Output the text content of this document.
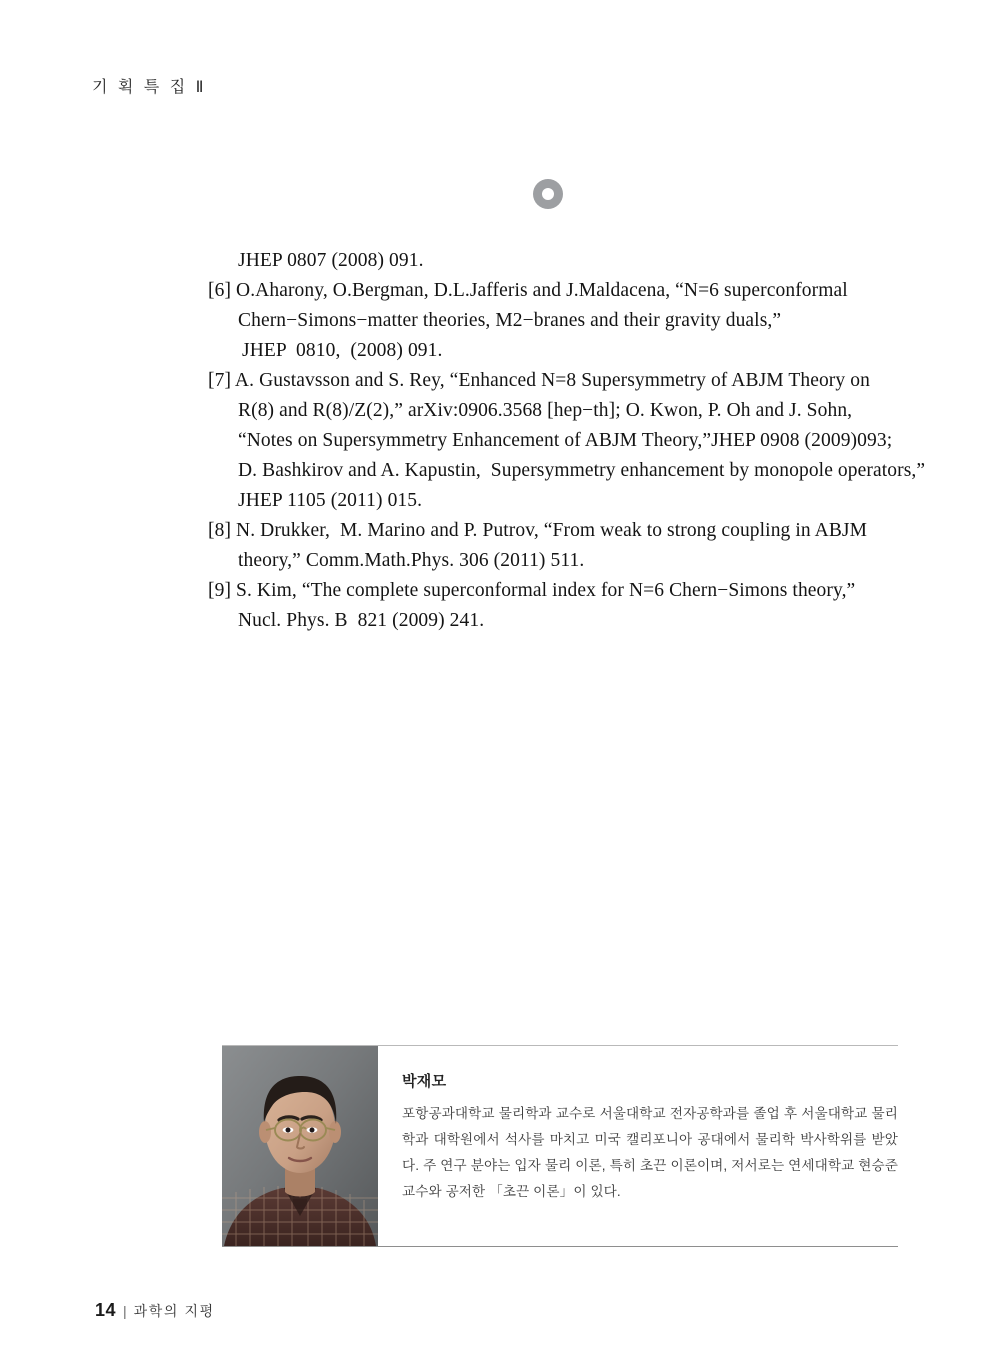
기 획 특 집 Ⅱ
JHEP 0807 (2008) 091.
[6] O.Aharony, O.Bergman, D.L.Jafferis and J.Maldacena, “N=6 superconformal
Chern−Simons−matter theories, M2−branes and their gravity duals,”
JHEP  0810,  (2008) 091.
[7] A. Gustavsson and S. Rey, “Enhanced N=8 Supersymmetry of ABJM Theory on
R(8) and R(8)/Z(2),” arXiv:0906.3568 [hep−th]; O. Kwon, P. Oh and J. Sohn,
“Notes on Supersymmetry Enhancement of ABJM Theory,”JHEP 0908 (2009)093;
D. Bashkirov and A. Kapustin,  Supersymmetry enhancement by monopole operators,”
JHEP 1105 (2011) 015.
[8] N. Drukker,  M. Marino and P. Putrov, “From weak to strong coupling in ABJM
theory,” Comm.Math.Phys. 306 (2011) 511.
[9] S. Kim, “The complete superconformal index for N=6 Chern−Simons theory,”
Nucl. Phys. B  821 (2009) 241.
박재모
포항공과대학교 물리학과 교수로 서울대학교 전자공학과를 졸업 후 서울대학교 물리학과 대학원에서 석사를 마치고 미국 캘리포니아 공대에서 물리학 박사학위를 받았다. 주 연구 분야는 입자 물리 이론, 특히 초끈 이론이며, 저서로는 연세대학교 현승준 교수와 공저한 「초끈 이론」이 있다.
14 | 과학의 지평
